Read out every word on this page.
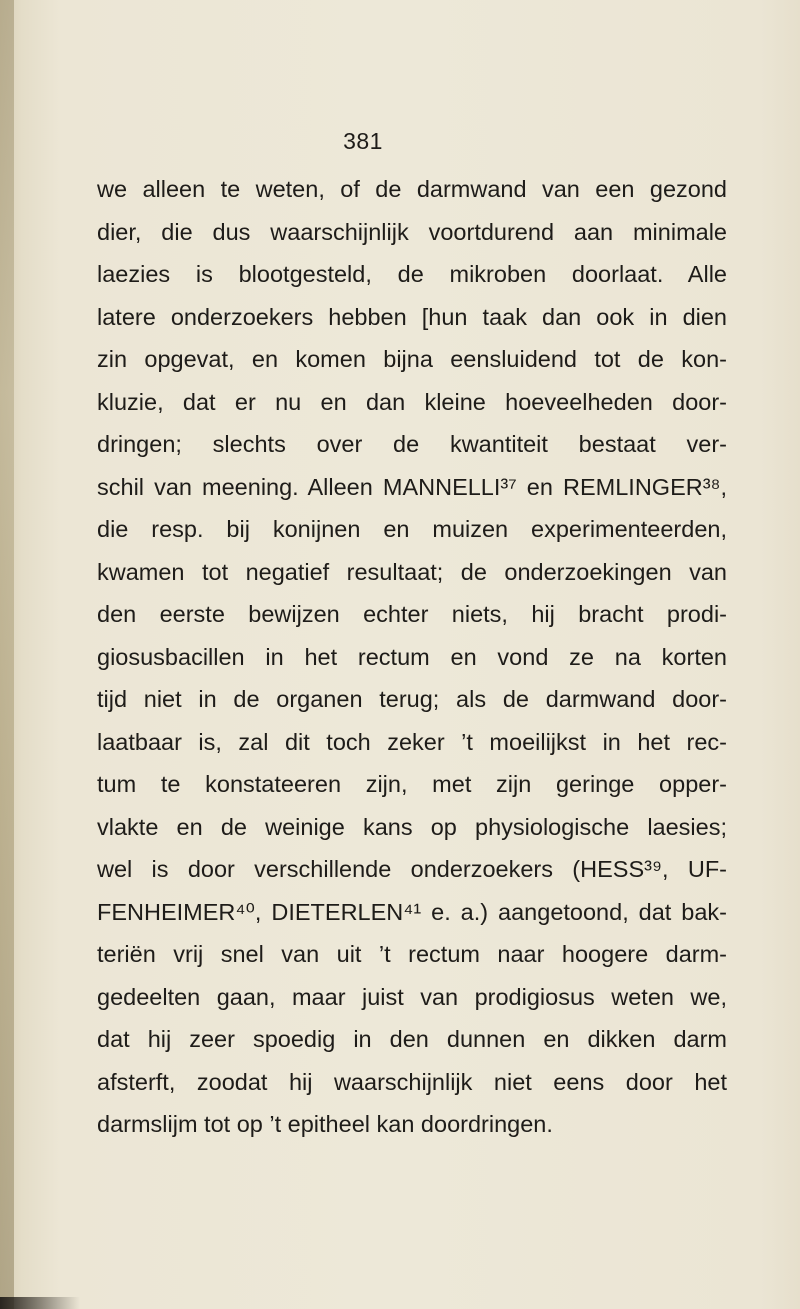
381
we alleen te weten, of de darmwand van een gezond
dier, die dus waarschijnlijk voortdurend aan minimale
laezies is blootgesteld, de mikroben doorlaat. Alle
latere onderzoekers hebben [hun taak dan ook in dien
zin opgevat, en komen bijna eensluidend tot de kon-
kluzie, dat er nu en dan kleine hoeveelheden door-
dringen; slechts over de kwantiteit bestaat ver-
schil van meening. Alleen MANNELLI³⁷ en REMLINGER³⁸,
die resp. bij konijnen en muizen experimenteerden,
kwamen tot negatief resultaat; de onderzoekingen van
den eerste bewijzen echter niets, hij bracht prodi-
giosusbacillen in het rectum en vond ze na korten
tijd niet in de organen terug; als de darmwand door-
laatbaar is, zal dit toch zeker ’t moeilijkst in het rec-
tum te konstateeren zijn, met zijn geringe opper-
vlakte en de weinige kans op physiologische laesies;
wel is door verschillende onderzoekers (HESS³⁹, UF-
FENHEIMER⁴⁰, DIETERLEN⁴¹ e. a.) aangetoond, dat bak-
teriën vrij snel van uit ’t rectum naar hoogere darm-
gedeelten gaan, maar juist van prodigiosus weten we,
dat hij zeer spoedig in den dunnen en dikken darm
afsterft, zoodat hij waarschijnlijk niet eens door het
darmslijm tot op ’t epitheel kan doordringen.
